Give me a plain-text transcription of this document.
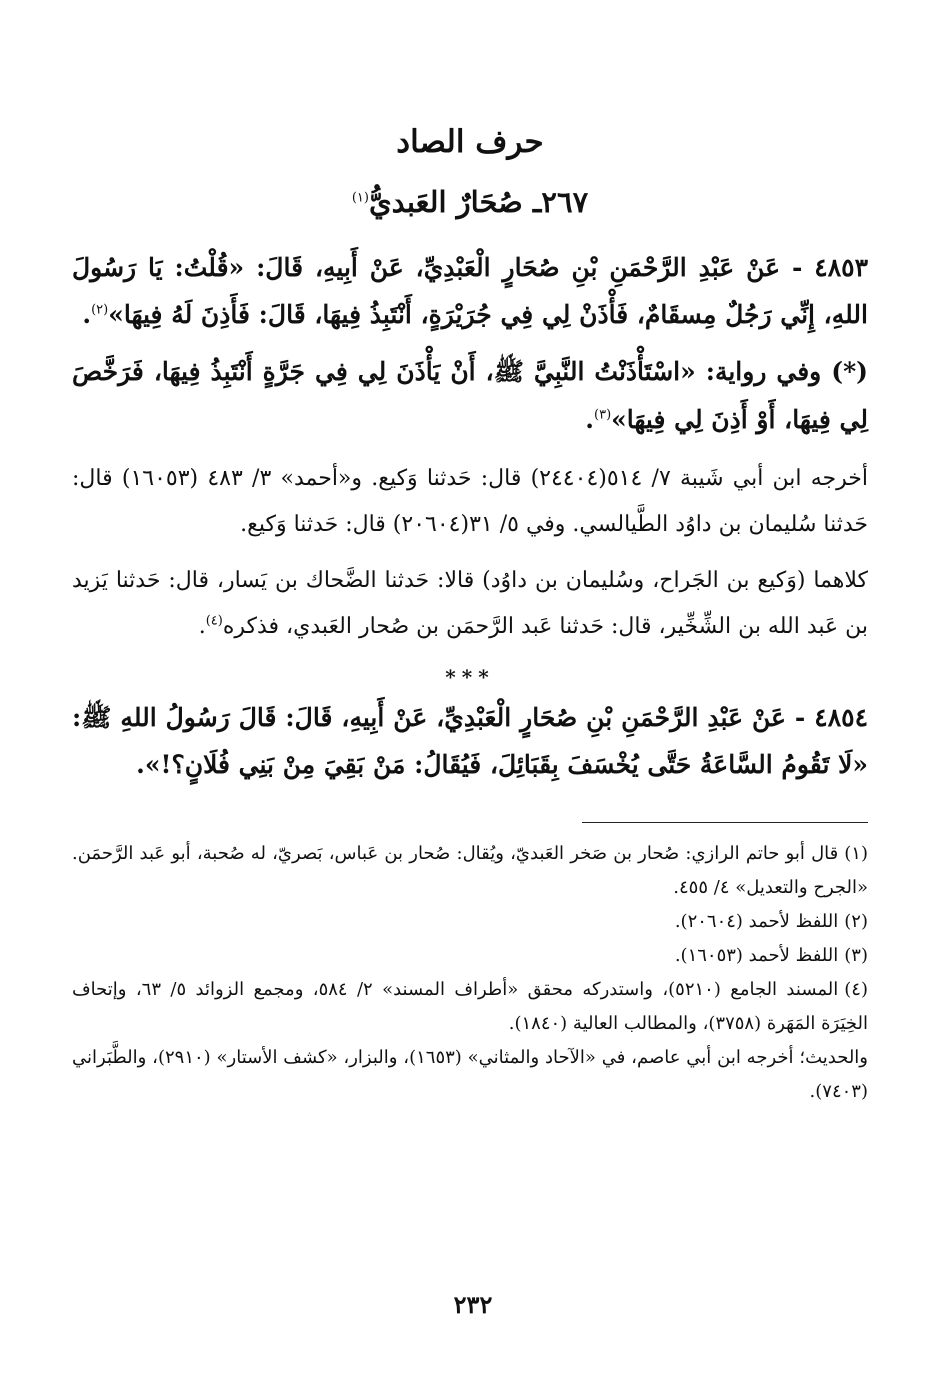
حرف الصاد
٢٦٧ـ صُحَارٌ العَبديُّ$^{(١)}$

٤٨٥٣ - عَنْ عَبْدِ الرَّحْمَنِ بْنِ صُحَارٍ الْعَبْدِيِّ، عَنْ أَبِيهِ، قَالَ: «قُلْتُ: يَا رَسُولَ اللهِ، إِنِّي رَجُلٌ مِسقَامٌ، فَأْذَنْ لِي فِي جُرَيْرَةٍ، أَنْتَبِذُ فِيهَا، قَالَ: فَأَذِنَ لَهُ فِيهَا»$^{(٢)}$.

(*) وفي رواية: «اسْتَأْذَنْتُ النَّبِيَّ ﷺ، أَنْ يَأْذَنَ لِي فِي جَرَّةٍ أَنْتَبِذُ فِيهَا، فَرَخَّصَ لِي فِيهَا، أَوْ أَذِنَ لِي فِيهَا»$^{(٣)}$.

أخرجه ابن أبي شَيبة ٧/ ٥١٤(٢٤٤٠٤) قال: حَدثنا وَكيع. و«أحمد» ٣/ ٤٨٣ (١٦٠٥٣) قال: حَدثنا سُليمان بن داوُد الطَّيالسي. وفي ٥/ ٣١(٢٠٦٠٤) قال: حَدثنا وَكيع.

كلاهما (وَكيع بن الجَراح، وسُليمان بن داوُد) قالا: حَدثنا الضَّحاك بن يَسار، قال: حَدثنا يَزيد بن عَبد الله بن الشِّخِّير، قال: حَدثنا عَبد الرَّحمَن بن صُحار العَبدي، فذكره$^{(٤)}$.

***

٤٨٥٤ - عَنْ عَبْدِ الرَّحْمَنِ بْنِ صُحَارٍ الْعَبْدِيِّ، عَنْ أَبِيهِ، قَالَ: قَالَ رَسُولُ اللهِ ﷺ: «لَا تَقُومُ السَّاعَةُ حَتَّى يُخْسَفَ بِقَبَائِلَ، فَيُقَالُ: مَنْ بَقِيَ مِنْ بَنِي فُلَانٍ؟!».

(١)قال أبو حاتم الرازي: صُحار بن صَخر العَبديّ، ويُقال: صُحار بن عَباس، بَصريّ، له صُحبة، أبو عَبد الرَّحمَن. «الجرح والتعديل» ٤/ ٤٥٥.

(٢)اللفظ لأحمد (٢٠٦٠٤).

(٣)اللفظ لأحمد (١٦٠٥٣).

(٤)المسند الجامع (٥٢١٠)، واستدركه محقق «أطراف المسند» ٢/ ٥٨٤، ومجمع الزوائد ٥/ ٦٣، وإتحاف الخِيَرَة المَهَرة (٣٧٥٨)، والمطالب العالية (١٨٤٠).

والحديث؛ أخرجه ابن أبي عاصم، في «الآحاد والمثاني» (١٦٥٣)، والبزار، «كشف الأستار» (٢٩١٠)، والطَّبَراني (٧٤٠٣).

٢٣٢
